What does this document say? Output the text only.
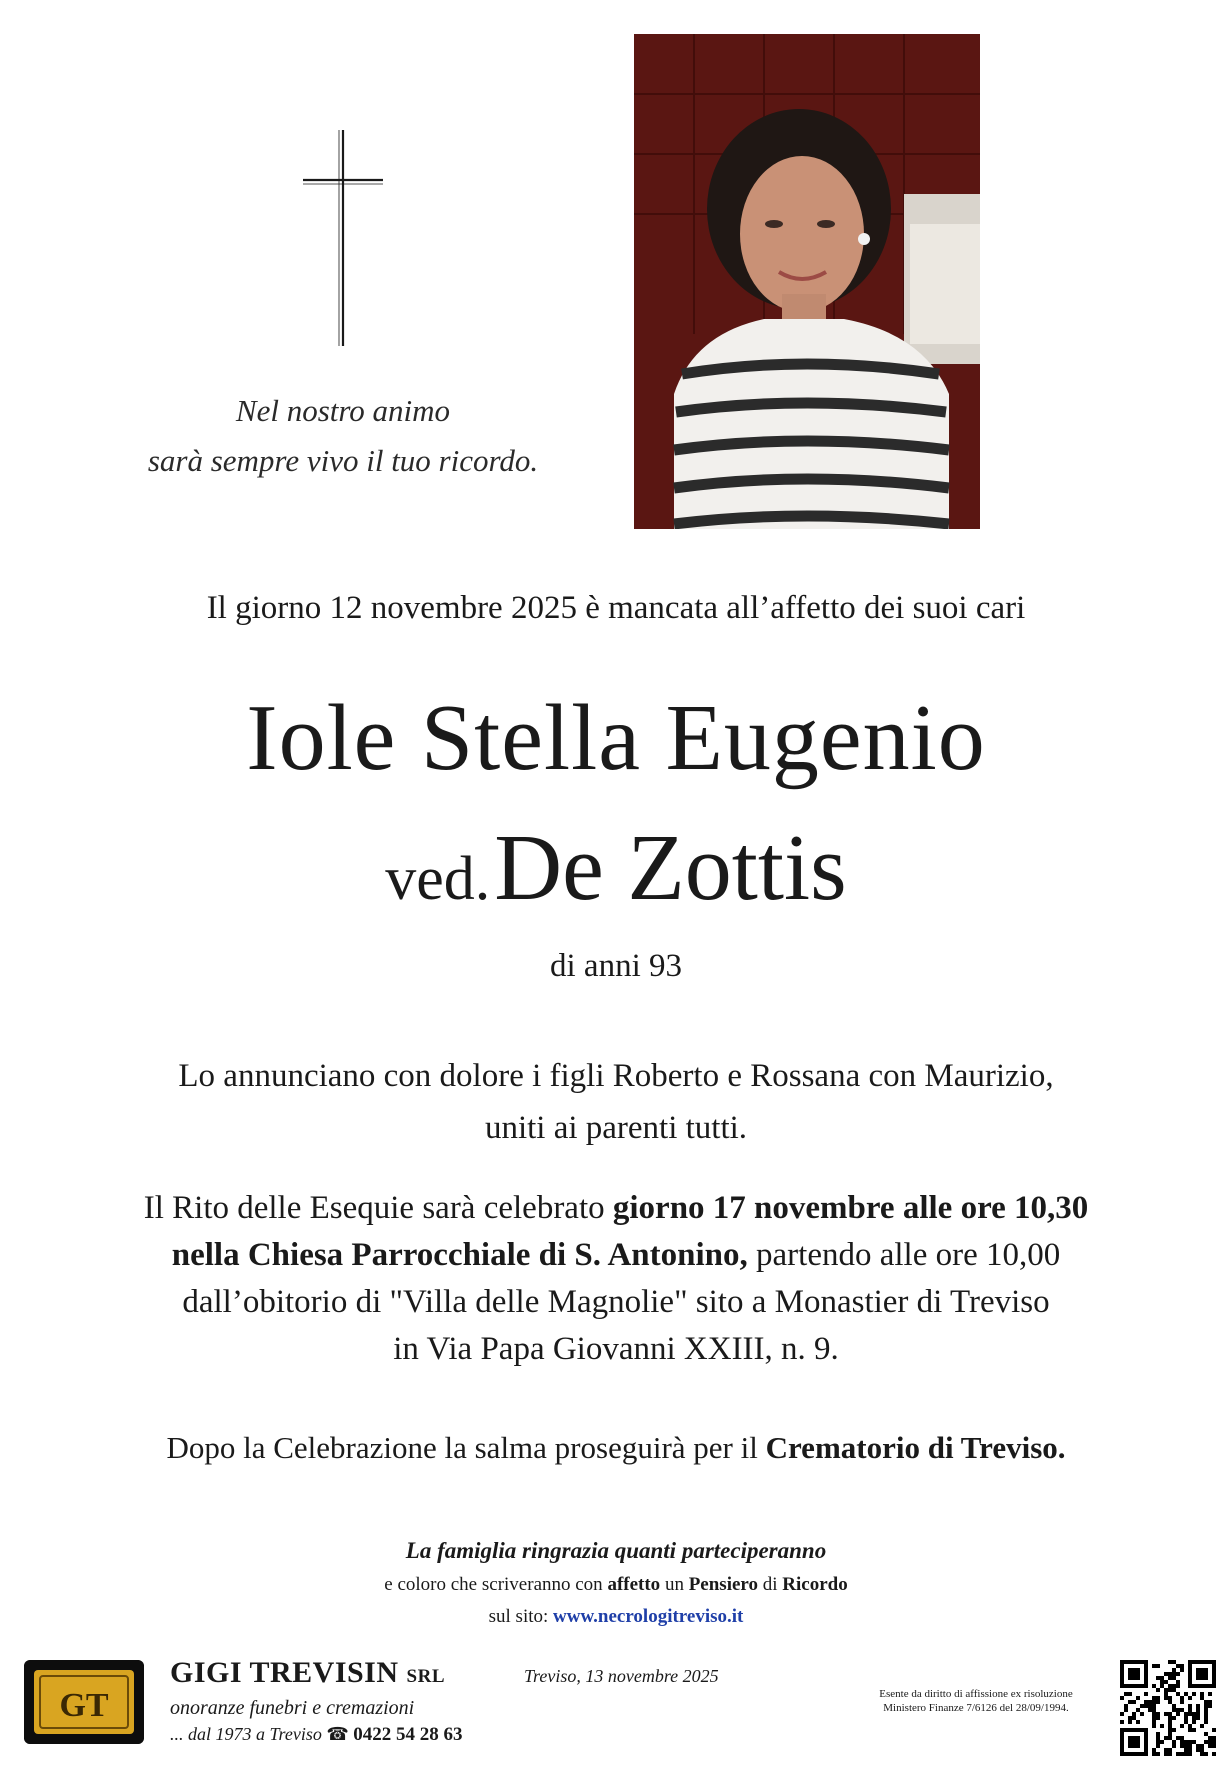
Nel nostro animo
sarà sempre vivo il tuo ricordo.
Il giorno 12 novembre 2025 è mancata all’affetto dei suoi cari
Iole Stella Eugenio
ved. De Zottis
di anni 93
Lo annunciano con dolore i figli Roberto e Rossana con Maurizio,
uniti ai parenti tutti.
Il Rito delle Esequie sarà celebrato giorno 17 novembre alle ore 10,30
nella Chiesa Parrocchiale di S. Antonino, partendo alle ore 10,00
dall’obitorio di "Villa delle Magnolie" sito a Monastier di Treviso
in Via Papa Giovanni XXIII, n. 9.
Dopo la Celebrazione la salma proseguirà per il Crematorio di Treviso.
La famiglia ringrazia quanti parteciperanno
e coloro che scriveranno con affetto un Pensiero di Ricordo
sul sito: www.necrologitreviso.it
GT
GIGI TREVISIN SRL
onoranze funebri e cremazioni
... dal 1973 a Treviso ☎ 0422 54 28 63
Treviso, 13 novembre 2025
Esente da diritto di affissione ex risoluzione
Ministero Finanze 7/6126 del 28/09/1994.
